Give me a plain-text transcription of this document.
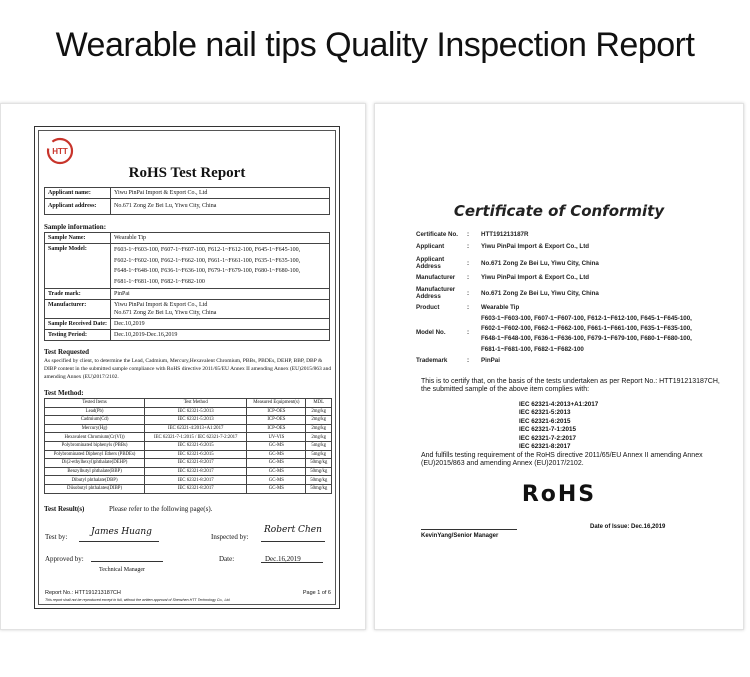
Wearable nail tips Quality Inspection Report
HTT
RoHS Test Report
Applicant name:	Yiwu PinPai Import & Export Co., Ltd
Applicant address:	No.671 Zong Ze Bei Lu, Yiwu City, China
Sample information:
Sample Name:	Wearable Tip
Sample Model:	F603-1~F603-100, F607-1~F607-100, F612-1~F612-100, F645-1~F645-100,
F602-1~F602-100, F662-1~F662-100, F661-1~F661-100, F635-1~F635-100,
F648-1~F648-100, F636-1~F636-100, F679-1~F679-100, F680-1~F680-100,
F681-1~F681-100, F682-1~F682-100

Trade mark:	PinPai
Manufacturer:	Yiwu PinPai Import & Export Co., Ltd
No.671 Zong Ze Bei Lu, Yiwu City, China

Sample Received Date:	Dec.10,2019
Testing Period:	Dec.10,2019-Dec.16,2019
Test Requested
As specified by client, to determine the Lead, Cadmium, Mercury,Hexavalent Chromium, PBBs, PBDEs, DEHP, BBP, DBP & DIBP content in the submitted sample compliance with RoHS directive 2011/65/EU Annex II amending Annex (EU)2015/863 and amending Annex (EU)2017/2102.
Test Method:
Tested Items	Test Method	Measured Equipment(s)	MDL
Lead(Pb)	IEC 62321-5:2013	ICP-OES	2mg/kg
Cadmium(Cd)	IEC 62321-5:2013	ICP-OES	2mg/kg
Mercury(Hg)	IEC 62321-4:2013+A1:2017	ICP-OES	2mg/kg
Hexavalent Chromium(Cr(VI))	IEC 62321-7-1:2015 / IEC 62321-7-2:2017	UV-VIS	2mg/kg
Polybrominated biphenyls (PBBs)	IEC 62321-6:2015	GC-MS	5mg/kg
Polybrominated Diphenyl Ethers (PBDEs)	IEC 62321-6:2015	GC-MS	5mg/kg
Di(2-ethylhexyl)phthalate(DEHP)	IEC 62321-8:2017	GC-MS	50mg/kg
Benzylbutyl phthalate(BBP)	IEC 62321-8:2017	GC-MS	50mg/kg
Dibutyl phthalate(DBP)	IEC 62321-8:2017	GC-MS	50mg/kg
Diisobutyl phthalates(DIBP)	IEC 62321-8:2017	GC-MS	50mg/kg
Test Result(s)	Please refer to the following page(s).
Test by:	James Huang	Inspected by:
Robert Chen
Approved by:
Technical Manager
Date:	Dec.16,2019
Report No.: HTT191213187CH	Page 1 of 6
This report shall not be reproduced except in full, without the written approval of Shenzhen HTT Technology Co., Ltd.
Certificate of Conformity
Certificate No. : HTT191213187R
Applicant	: Yiwu PinPai Import & Export Co., Ltd
Applicant Address	: No.671 Zong Ze Bei Lu, Yiwu City, China
Manufacturer : Yiwu PinPai Import & Export Co., Ltd
Manufacturer Address	: No.671 Zong Ze Bei Lu, Yiwu City, China
Product	: Wearable Tip
Model No.	:
F603-1~F603-100, F607-1~F607-100, F612-1~F612-100, F645-1~F645-100,
F602-1~F602-100, F662-1~F662-100, F661-1~F661-100, F635-1~F635-100,
F648-1~F648-100, F636-1~F636-100, F679-1~F679-100, F680-1~F680-100,
F681-1~F681-100, F682-1~F682-100
Trademark	: PinPai
This is to certify that, on the basis of the tests undertaken as per Report No.: HTT191213187CH, the submitted sample of the above item complies with:
IEC 62321-4:2013+A1:2017
IEC 62321-5:2013
IEC 62321-6:2015
IEC 62321-7-1:2015
IEC 62321-7-2:2017
IEC 62321-8:2017
And fulfills testing requirement of the RoHS directive 2011/65/EU Annex II amending Annex (EU)2015/863 and amending Annex (EU)2017/2102.
RoHS
Date of Issue: Dec.16,2019
KevinYang/Senior Manager
